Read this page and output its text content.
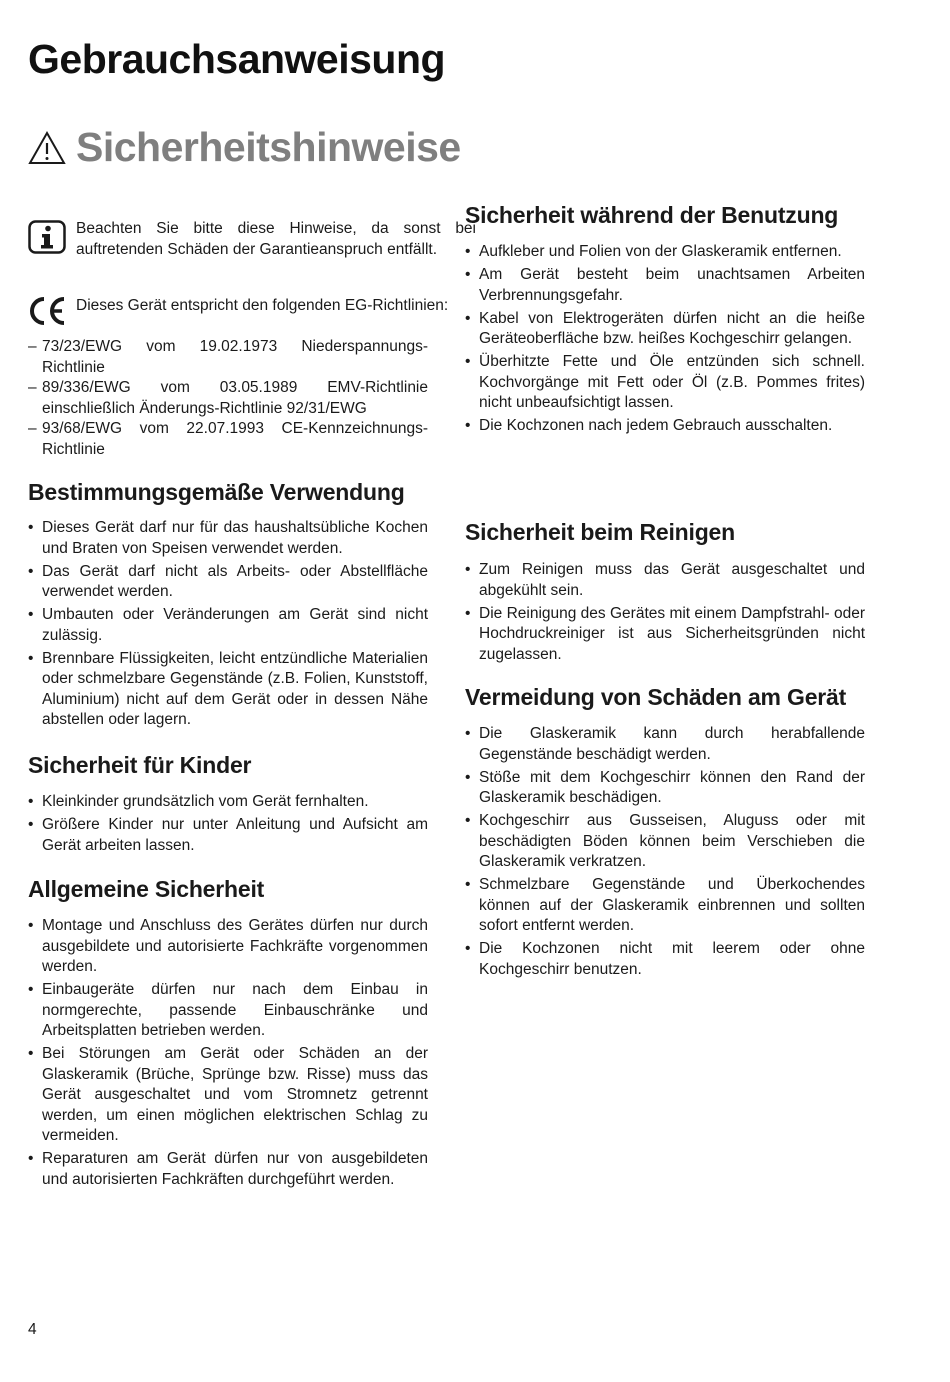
Gebrauchsanweisung
Sicherheitshinweise
Beachten Sie bitte diese Hinweise, da sonst bei auftretenden Schäden der Garantieanspruch entfällt.
Dieses Gerät entspricht den folgenden EG-Richtlinien:
– 73/23/EWG vom 19.02.1973 Niederspannungs-Richtlinie
– 89/336/EWG vom 03.05.1989 EMV-Richtlinie einschließlich Änderungs-Richtlinie 92/31/EWG
– 93/68/EWG vom 22.07.1993 CE-Kennzeichnungs-Richtlinie
Bestimmungsgemäße Verwendung
• Dieses Gerät darf nur für das haushaltsübliche Kochen und Braten von Speisen verwendet werden.
• Das Gerät darf nicht als Arbeits- oder Abstellfläche verwendet werden.
• Umbauten oder Veränderungen am Gerät sind nicht zulässig.
• Brennbare Flüssigkeiten, leicht entzündliche Materialien oder schmelzbare Gegenstände (z.B. Folien, Kunststoff, Aluminium) nicht auf dem Gerät oder in dessen Nähe abstellen oder lagern.
Sicherheit für Kinder
• Kleinkinder grundsätzlich vom Gerät fernhalten.
• Größere Kinder nur unter Anleitung und Aufsicht am Gerät arbeiten lassen.
Allgemeine Sicherheit
• Montage und Anschluss des Gerätes dürfen nur durch ausgebildete und autorisierte Fachkräfte vorgenommen werden.
• Einbaugeräte dürfen nur nach dem Einbau in normgerechte, passende Einbauschränke und Arbeitsplatten betrieben werden.
• Bei Störungen am Gerät oder Schäden an der Glaskeramik (Brüche, Sprünge bzw. Risse) muss das Gerät ausgeschaltet und vom Stromnetz getrennt werden, um einen möglichen elektrischen Schlag zu vermeiden.
• Reparaturen am Gerät dürfen nur von ausgebildeten und autorisierten Fachkräften durchgeführt werden.
Sicherheit während der Benutzung
• Aufkleber und Folien von der Glaskeramik entfernen.
• Am Gerät besteht beim unachtsamen Arbeiten Verbrennungsgefahr.
• Kabel von Elektrogeräten dürfen nicht an die heiße Geräteoberfläche bzw. heißes Kochgeschirr gelangen.
• Überhitzte Fette und Öle entzünden sich schnell. Kochvorgänge mit Fett oder Öl (z.B. Pommes frites) nicht unbeaufsichtigt lassen.
• Die Kochzonen nach jedem Gebrauch ausschalten.
Sicherheit beim Reinigen
• Zum Reinigen muss das Gerät ausgeschaltet und abgekühlt sein.
• Die Reinigung des Gerätes mit einem Dampfstrahl- oder Hochdruckreiniger ist aus Sicherheitsgründen nicht zugelassen.
Vermeidung von Schäden am Gerät
• Die Glaskeramik kann durch herabfallende Gegenstände beschädigt werden.
• Stöße mit dem Kochgeschirr können den Rand der Glaskeramik beschädigen.
• Kochgeschirr aus Gusseisen, Aluguss oder mit beschädigten Böden können beim Verschieben die Glaskeramik verkratzen.
• Schmelzbare Gegenstände und Überkochendes können auf der Glaskeramik einbrennen und sollten sofort entfernt werden.
• Die Kochzonen nicht mit leerem oder ohne Kochgeschirr benutzen.
4
